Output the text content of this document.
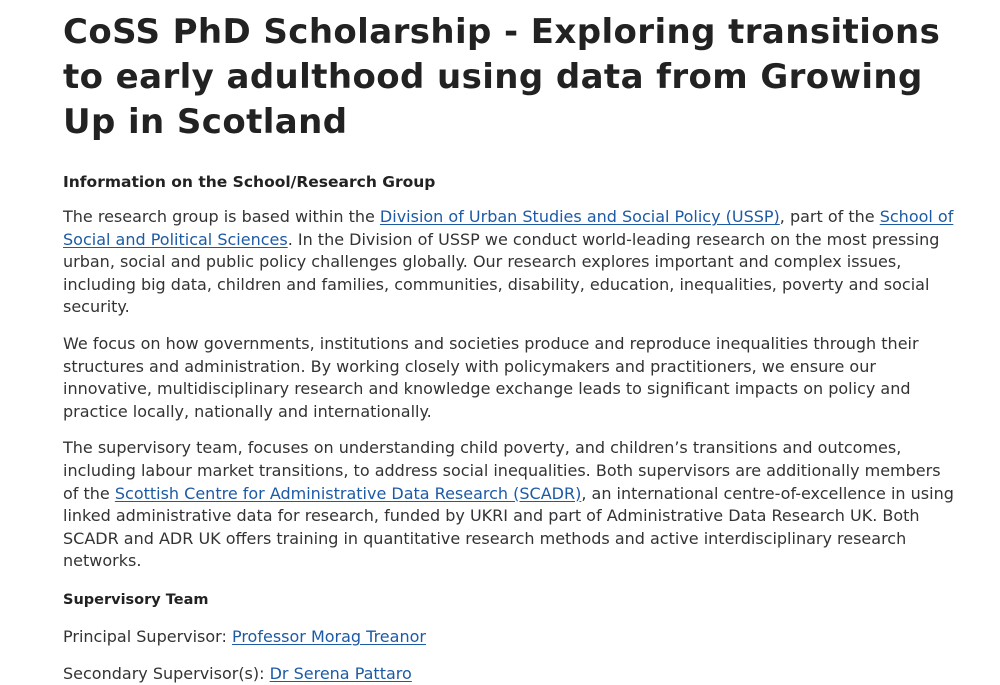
CoSS PhD Scholarship - Exploring transitions to early adulthood using data from Growing Up in Scotland
Information on the School/Research Group

The research group is based within the Division of Urban Studies and Social Policy (USSP), part of the School of Social and Political Sciences. In the Division of USSP we conduct world-leading research on the most pressing urban, social and public policy challenges globally. Our research explores important and complex issues, including big data, children and families, communities, disability, education, inequalities, poverty and social security.

We focus on how governments, institutions and societies produce and reproduce inequalities through their structures and administration. By working closely with policymakers and practitioners, we ensure our innovative, multidisciplinary research and knowledge exchange leads to significant impacts on policy and practice locally, nationally and internationally.

The supervisory team, focuses on understanding child poverty, and children’s transitions and outcomes, including labour market transitions, to address social inequalities. Both supervisors are additionally members of the Scottish Centre for Administrative Data Research (SCADR), an international centre-of-excellence in using linked administrative data for research, funded by UKRI and part of Administrative Data Research UK. Both SCADR and ADR UK offers training in quantitative research methods and active interdisciplinary research networks.

Supervisory Team
Principal Supervisor: Professor Morag Treanor
Secondary Supervisor(s): Dr Serena Pattaro
